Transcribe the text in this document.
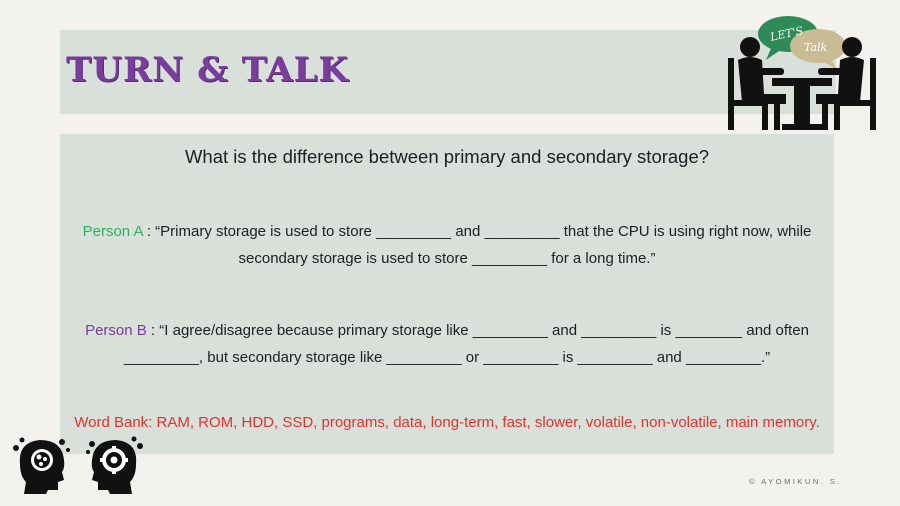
TURN & TALK
LET'S
Talk
What is the difference between primary and secondary storage?
Person A : “Primary storage is used to store _________ and _________ that the CPU is using right now, while secondary storage is used to store _________ for a long time.”
Person B : “I agree/disagree because primary storage like _________ and _________ is ________ and often _________, but secondary storage like _________ or _________ is _________ and _________.”
Word Bank: RAM, ROM, HDD, SSD, programs, data, long-term, fast, slower, volatile, non-volatile, main memory.
© AYOMIKUN. S.
